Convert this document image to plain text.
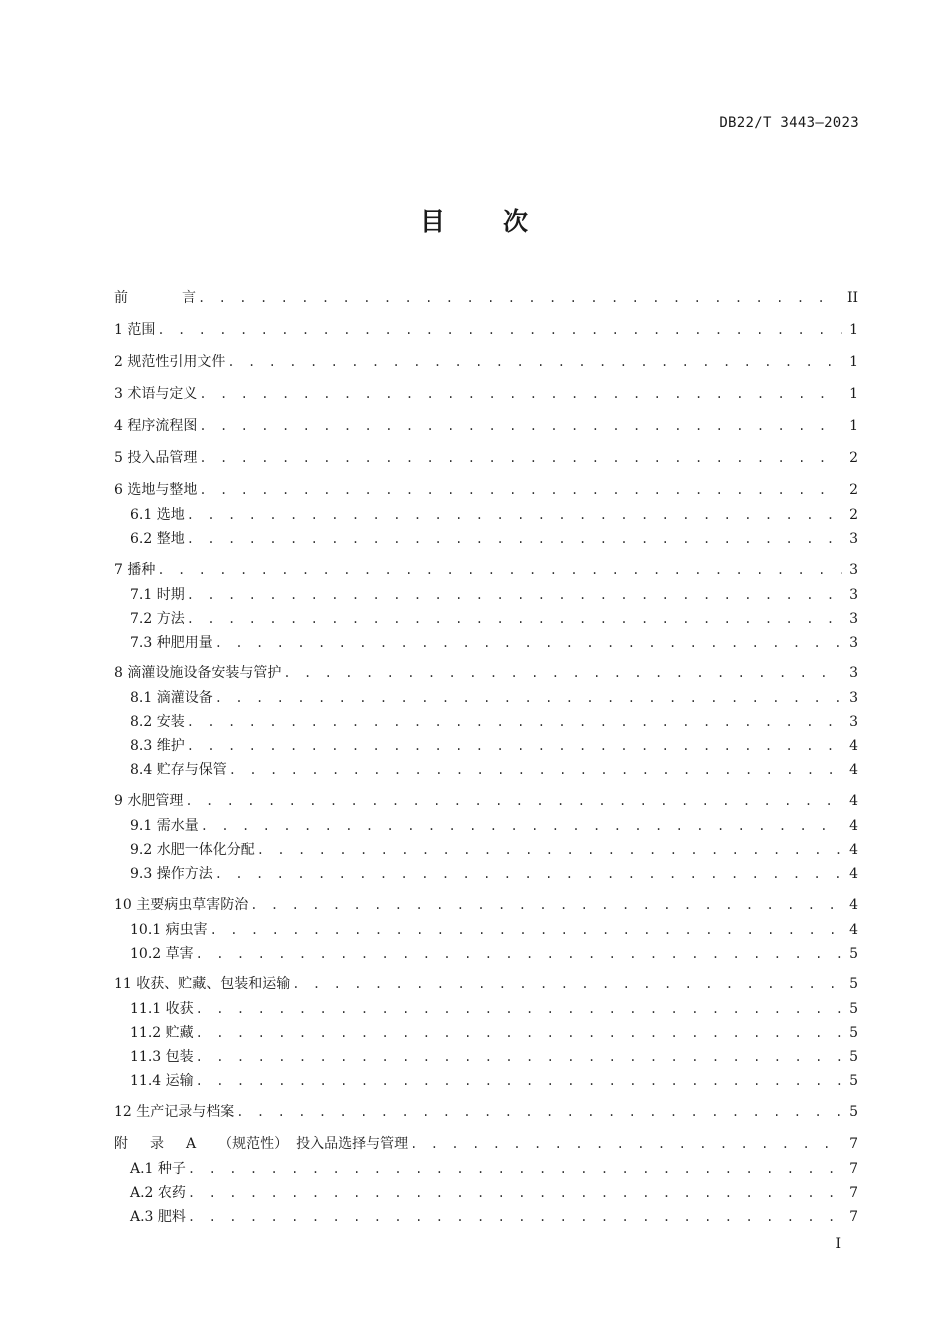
DB22/T 3443—2023
目 次
前	言 . . .	II
1 范围 . . .	1
2 规范性引用文件 . . .	1
3 术语与定义 . . .	1
4 程序流程图 . . .	1
5 投入品管理 . . .	2
6 选地与整地 . . .	2
6.1 选地 . . .	2
6.2 整地 . . .	3
7 播种 . . .	3
7.1 时期 . . .	3
7.2 方法 . . .	3
7.3 种肥用量 . . .	3
8 滴灌设施设备安装与管护 . . .	3
8.1 滴灌设备 . . .	3
8.2 安装 . . .	3
8.3 维护 . . .	4
8.4 贮存与保管 . . .	4
9 水肥管理 . . .	4
9.1 需水量 . . .	4
9.2 水肥一体化分配 . . .	4
9.3 操作方法 . . .	4
10 主要病虫草害防治 . . .	4
10.1 病虫害 . . .	4
10.2 草害 . . .	5
11 收获、贮藏、包装和运输 . . .	5
11.1 收获 . . .	5
11.2 贮藏 . . .	5
11.3 包装 . . .	5
11.4 运输 . . .	5
12 生产记录与档案 . . .	5
附 录 A （规范性） 投入品选择与管理 . . .	7
A.1 种子 . . .	7
A.2 农药 . . .	7
A.3 肥料 . . .	7
I
